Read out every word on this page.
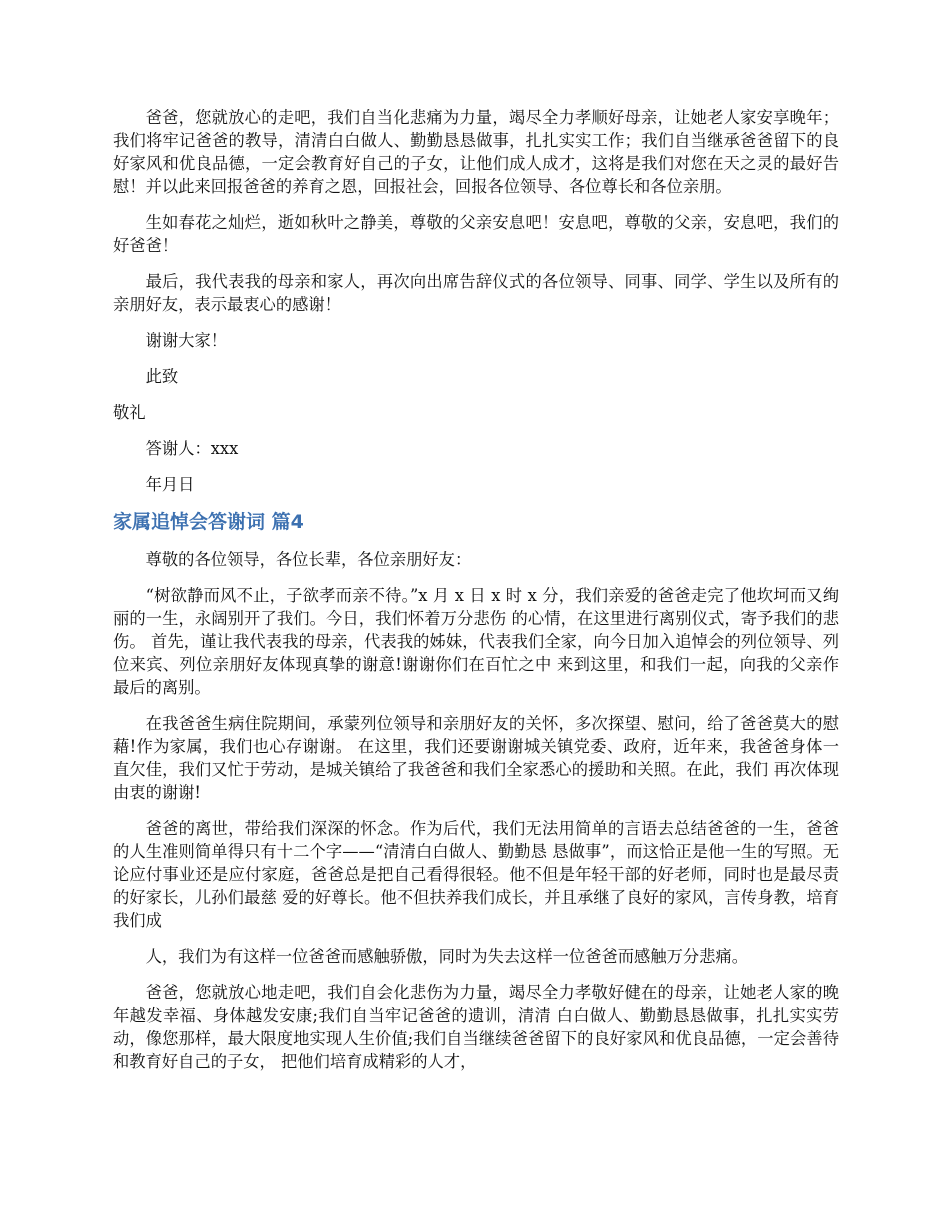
爸爸，您就放心的走吧，我们自当化悲痛为力量，竭尽全力孝顺好母亲，让她老人家安享晚年；我们将牢记爸爸的教导，清清白白做人、勤勤恳恳做事，扎扎实实工作；我们自当继承爸爸留下的良好家风和优良品德，一定会教育好自己的子女，让他们成人成才，这将是我们对您在天之灵的最好告慰！并以此来回报爸爸的养育之恩，回报社会，回报各位领导、各位尊长和各位亲朋。

生如春花之灿烂，逝如秋叶之静美，尊敬的父亲安息吧！安息吧，尊敬的父亲，安息吧，我们的好爸爸！

最后，我代表我的母亲和家人，再次向出席告辞仪式的各位领导、同事、同学、学生以及所有的亲朋好友，表示最衷心的感谢！

谢谢大家！

此致

敬礼

答谢人：xxx

年月日

家属追悼会答谢词 篇4

尊敬的各位领导，各位长辈，各位亲朋好友：

“树欲静而风不止，子欲孝而亲不待。”x 月 x 日 x 时 x 分，我们亲爱的爸爸走完了他坎坷而又绚丽的一生，永阔别开了我们。今日，我们怀着万分悲伤 的心情，在这里进行离别仪式，寄予我们的悲伤。 首先，谨让我代表我的母亲，代表我的姊妹，代表我们全家，向今日加入追悼会的列位领导、列位来宾、列位亲朋好友体现真挚的谢意!谢谢你们在百忙之中 来到这里，和我们一起，向我的父亲作最后的离别。

在我爸爸生病住院期间，承蒙列位领导和亲朋好友的关怀，多次探望、慰问，给了爸爸莫大的慰藉!作为家属，我们也心存谢谢。 在这里，我们还要谢谢城关镇党委、政府，近年来，我爸爸身体一直欠佳，我们又忙于劳动，是城关镇给了我爸爸和我们全家悉心的援助和关照。在此，我们 再次体现由衷的谢谢!

爸爸的离世，带给我们深深的怀念。作为后代，我们无法用简单的言语去总结爸爸的一生，爸爸的人生准则简单得只有十二个字——“清清白白做人、勤勤恳 恳做事”，而这恰正是他一生的写照。无论应付事业还是应付家庭，爸爸总是把自己看得很轻。他不但是年轻干部的好老师，同时也是最尽责的好家长，儿孙们最慈 爱的好尊长。他不但扶养我们成长，并且承继了良好的家风，言传身教，培育我们成

人，我们为有这样一位爸爸而感触骄傲，同时为失去这样一位爸爸而感触万分悲痛。

爸爸，您就放心地走吧，我们自会化悲伤为力量，竭尽全力孝敬好健在的母亲，让她老人家的晚年越发幸福、身体越发安康;我们自当牢记爸爸的遗训，清清 白白做人、勤勤恳恳做事，扎扎实实劳动，像您那样，最大限度地实现人生价值;我们自当继续爸爸留下的良好家风和优良品德，一定会善待和教育好自己的子女， 把他们培育成精彩的人才，
